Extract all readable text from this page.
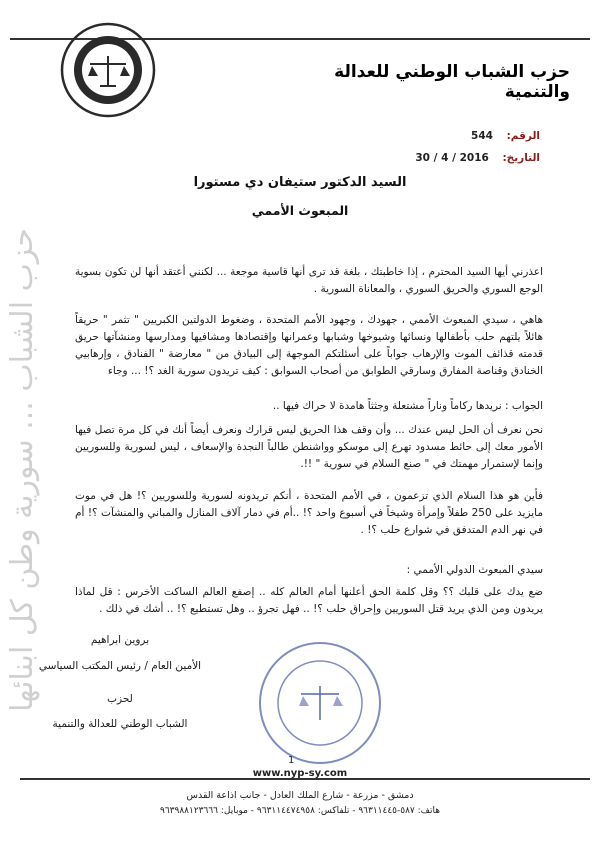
حزب الشباب الوطني للعدالة والتنمية
حزب الشباب ... سورية وطن كل ابنائها
الرقم: 544
التاريخ: 2016 / 4 / 30
السيد الدكتور ستيفان دي مستورا
المبعوث الأممي

اعذرني أيها السيد المحترم ، إذا خاطبتك ، بلغة قد ترى أنها قاسية موجعة ... لكنني أعتقد أنها لن تكون بسوية الوجع السوري والحريق السوري ، والمعاناة السورية .

هاهي ، سيدي المبعوث الأممي ، جهودك ، وجهود الأمم المتحدة ، وضغوط الدولتين الكبريين " تثمر " حريقاً هائلاً يلتهم حلب بأطفالها ونسائها وشيوخها وشبابها وعمرانها وإقتصادها ومشافيها ومدارسها ومنشآتها حريق قدمته قذائف الموت والإرهاب جواباً على أسئلتكم الموجهة إلى البيادق من " معارضة " الفنادق ، وإرهابيي الخنادق وقناصة المفارق وسارقي الطوابق من أصحاب السوابق : كيف تريدون سورية الغد ؟! ... وجاء

الجواب : نريدها ركاماً وناراً مشتعلة وجثثاً هامدة لا حراك فيها ..

نحن نعرف أن الحل ليس عندك ... وأن وقف هذا الحريق ليس قرارك ونعرف أيضاً أنك في كل مرة تصل فيها الأمور معك إلى حائط مسدود تهرع إلى موسكو وواشنطن طالباً النجدة والإسعاف ، ليس لسورية وللسوريين وإنما لإستمرار مهمتك في " صنع السلام في سورية " !!.

فأين هو هذا السلام الذي تزعمون ، في الأمم المتحدة ، أنكم تريدونه لسورية وللسوريين ؟! هل في موت مايزيد على 250 طفلاً وإمرأة وشيخاً في أسبوع واحد ؟! ..أم في دمار آلاف المنازل والمباني والمنشآت ؟! أم في نهر الدم المتدفق في شوارع حلب ؟! .

سيدي المبعوث الدولي الأممي :

ضع يدك على قلبك ؟؟ وقل كلمة الحق أعلنها أمام العالم كله .. إصفع العالم الساكت الأخرس : قل لماذا يريدون ومن الذي يريد قتل السوريين وإحراق حلب ؟! .. فهل تجرؤ .. وهل تستطيع ؟! .. أشك في ذلك .

بروين ابراهيم
الأمين العام / رئيس المكتب السياسي
لحزب
الشباب الوطني للعدالة والتنمية
1
www.nyp-sy.com
دمشق - مزرعة - شارع الملك العادل - جانب اذاعة القدس
هاتف: ٥٨٧-٩٦٣١١٤٤٥ - تلفاكس: ٩٦٣١١٤٤٧٤٩٥٨ - موبايل: ٩٦٣٩٨٨١٢٣٦٦٦
